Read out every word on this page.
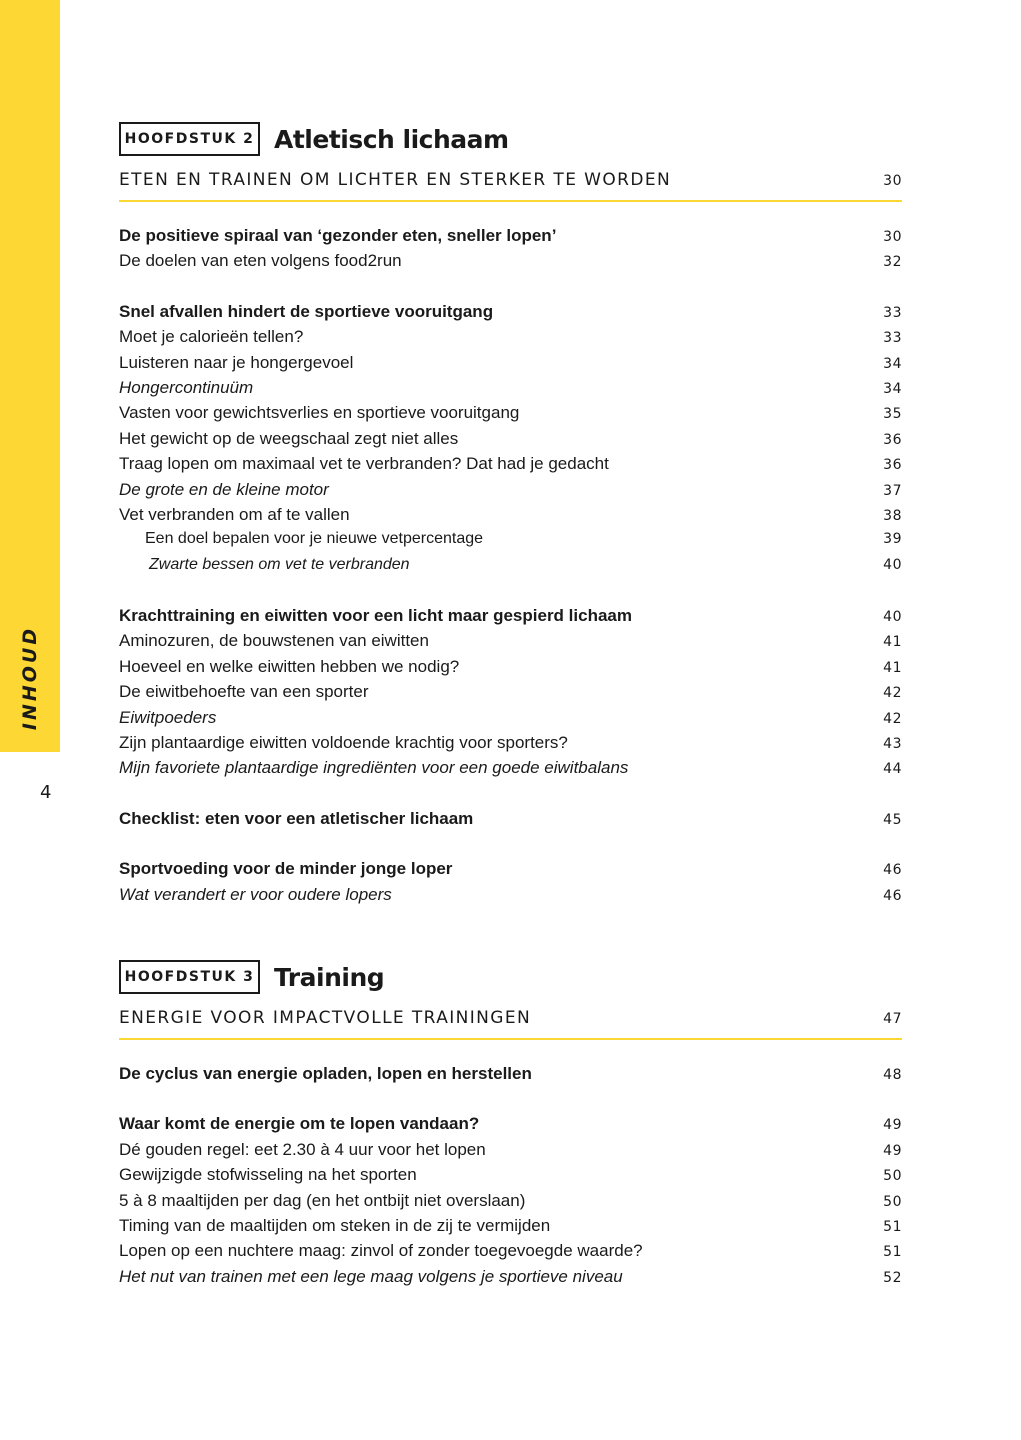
INHOUD
4
HOOFDSTUK 2 Atletisch lichaam
ETEN EN TRAINEN OM LICHTER EN STERKER TE WORDEN	30
De positieve spiraal van ‘gezonder eten, sneller lopen’	30
De doelen van eten volgens food2run	32
Snel afvallen hindert de sportieve vooruitgang	33
Moet je calorieën tellen?	33
Luisteren naar je hongergevoel	34
Hongercontinuüm	34
Vasten voor gewichtsverlies en sportieve vooruitgang	35
Het gewicht op de weegschaal zegt niet alles	36
Traag lopen om maximaal vet te verbranden? Dat had je gedacht	36
De grote en de kleine motor	37
Vet verbranden om af te vallen	38
Een doel bepalen voor je nieuwe vetpercentage	39
Zwarte bessen om vet te verbranden	40
Krachttraining en eiwitten voor een licht maar gespierd lichaam	40
Aminozuren, de bouwstenen van eiwitten	41
Hoeveel en welke eiwitten hebben we nodig?	41
De eiwitbehoefte van een sporter	42
Eiwitpoeders	42
Zijn plantaardige eiwitten voldoende krachtig voor sporters?	43
Mijn favoriete plantaardige ingrediënten voor een goede eiwitbalans	44
Checklist: eten voor een atletischer lichaam	45
Sportvoeding voor de minder jonge loper	46
Wat verandert er voor oudere lopers	46
HOOFDSTUK 3 Training
ENERGIE VOOR IMPACTVOLLE TRAININGEN	47
De cyclus van energie opladen, lopen en herstellen	48
Waar komt de energie om te lopen vandaan?	49
Dé gouden regel: eet 2.30 à 4 uur voor het lopen	49
Gewijzigde stofwisseling na het sporten	50
5 à 8 maaltijden per dag (en het ontbijt niet overslaan)	50
Timing van de maaltijden om steken in de zij te vermijden	51
Lopen op een nuchtere maag: zinvol of zonder toegevoegde waarde?	51
Het nut van trainen met een lege maag volgens je sportieve niveau	52
